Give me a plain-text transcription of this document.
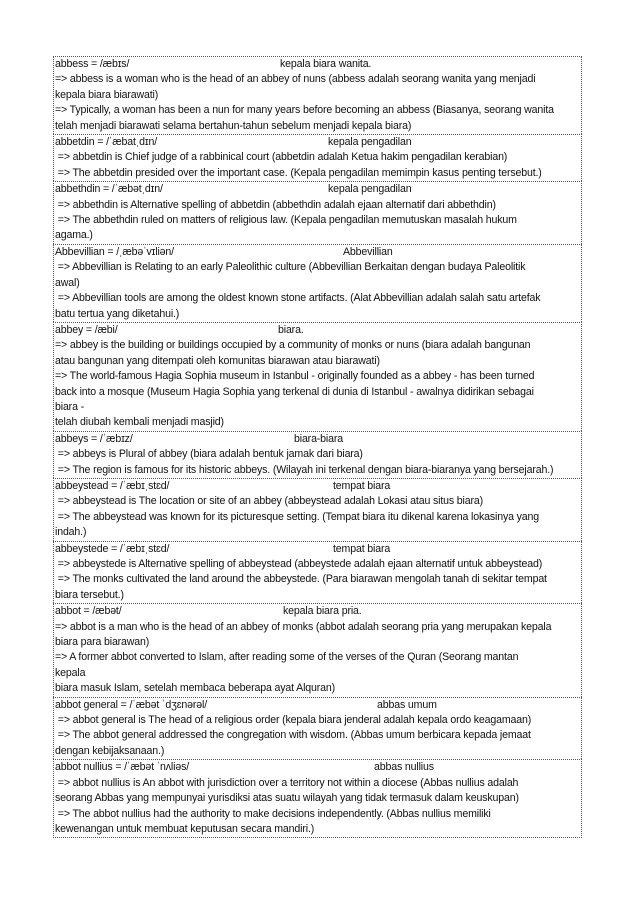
abbess = /æbɪs/	kepala biara wanita.
=> abbess is a woman who is the head of an abbey of nuns (abbess adalah seorang wanita yang menjadi
kepala biara biarawati)
=> Typically, a woman has been a nun for many years before becoming an abbess (Biasanya, seorang wanita
telah menjadi biarawati selama bertahun-tahun sebelum menjadi kepala biara)
abbetdin = /ˈæbatˌdɪn/	kepala pengadilan
=> abbetdin is Chief judge of a rabbinical court (abbetdin adalah Ketua hakim pengadilan kerabian)
=> The abbetdin presided over the important case. (Kepala pengadilan memimpin kasus penting tersebut.)
abbethdin = /ˈæbətˌdɪn/	kepala pengadilan
=> abbethdin is Alternative spelling of abbetdin (abbethdin adalah ejaan alternatif dari abbethdin)
=> The abbethdin ruled on matters of religious law. (Kepala pengadilan memutuskan masalah hukum
agama.)
Abbevillian = /ˌæbəˈvɪliən/	Abbevillian
=> Abbevillian is Relating to an early Paleolithic culture (Abbevillian Berkaitan dengan budaya Paleolitik
awal)
=> Abbevillian tools are among the oldest known stone artifacts. (Alat Abbevillian adalah salah satu artefak
batu tertua yang diketahui.)
abbey = /æbi/	biara.
=> abbey is the building or buildings occupied by a community of monks or nuns (biara adalah bangunan
atau bangunan yang ditempati oleh komunitas biarawan atau biarawati)
=> The world-famous Hagia Sophia museum in Istanbul - originally founded as a abbey - has been turned
back into a mosque (Museum Hagia Sophia yang terkenal di dunia di Istanbul - awalnya didirikan sebagai
biara -
telah diubah kembali menjadi masjid)
abbeys = /ˈæbɪz/	biara-biara
=> abbeys is Plural of abbey (biara adalah bentuk jamak dari biara)
=> The region is famous for its historic abbeys. (Wilayah ini terkenal dengan biara-biaranya yang bersejarah.)
abbeystead = /ˈæbɪˌstɛd/	tempat biara
=> abbeystead is The location or site of an abbey (abbeystead adalah Lokasi atau situs biara)
=> The abbeystead was known for its picturesque setting. (Tempat biara itu dikenal karena lokasinya yang
indah.)
abbeystede = /ˈæbɪˌstɛd/	tempat biara
=> abbeystede is Alternative spelling of abbeystead (abbeystede adalah ejaan alternatif untuk abbeystead)
=> The monks cultivated the land around the abbeystede. (Para biarawan mengolah tanah di sekitar tempat
biara tersebut.)
abbot = /æbət/	kepala biara pria.
=> abbot is a man who is the head of an abbey of monks (abbot adalah seorang pria yang merupakan kepala
biara para biarawan)
=> A former abbot converted to Islam, after reading some of the verses of the Quran (Seorang mantan
kepala
biara masuk Islam, setelah membaca beberapa ayat Alquran)
abbot general = /ˈæbət ˈdʒɛnərəl/	abbas umum
=> abbot general is The head of a religious order (kepala biara jenderal adalah kepala ordo keagamaan)
=> The abbot general addressed the congregation with wisdom. (Abbas umum berbicara kepada jemaat
dengan kebijaksanaan.)
abbot nullius = /ˈæbət ˈnʌliəs/	abbas nullius
=> abbot nullius is An abbot with jurisdiction over a territory not within a diocese (Abbas nullius adalah
seorang Abbas yang mempunyai yurisdiksi atas suatu wilayah yang tidak termasuk dalam keuskupan)
=> The abbot nullius had the authority to make decisions independently. (Abbas nullius memiliki
kewenangan untuk membuat keputusan secara mandiri.)
